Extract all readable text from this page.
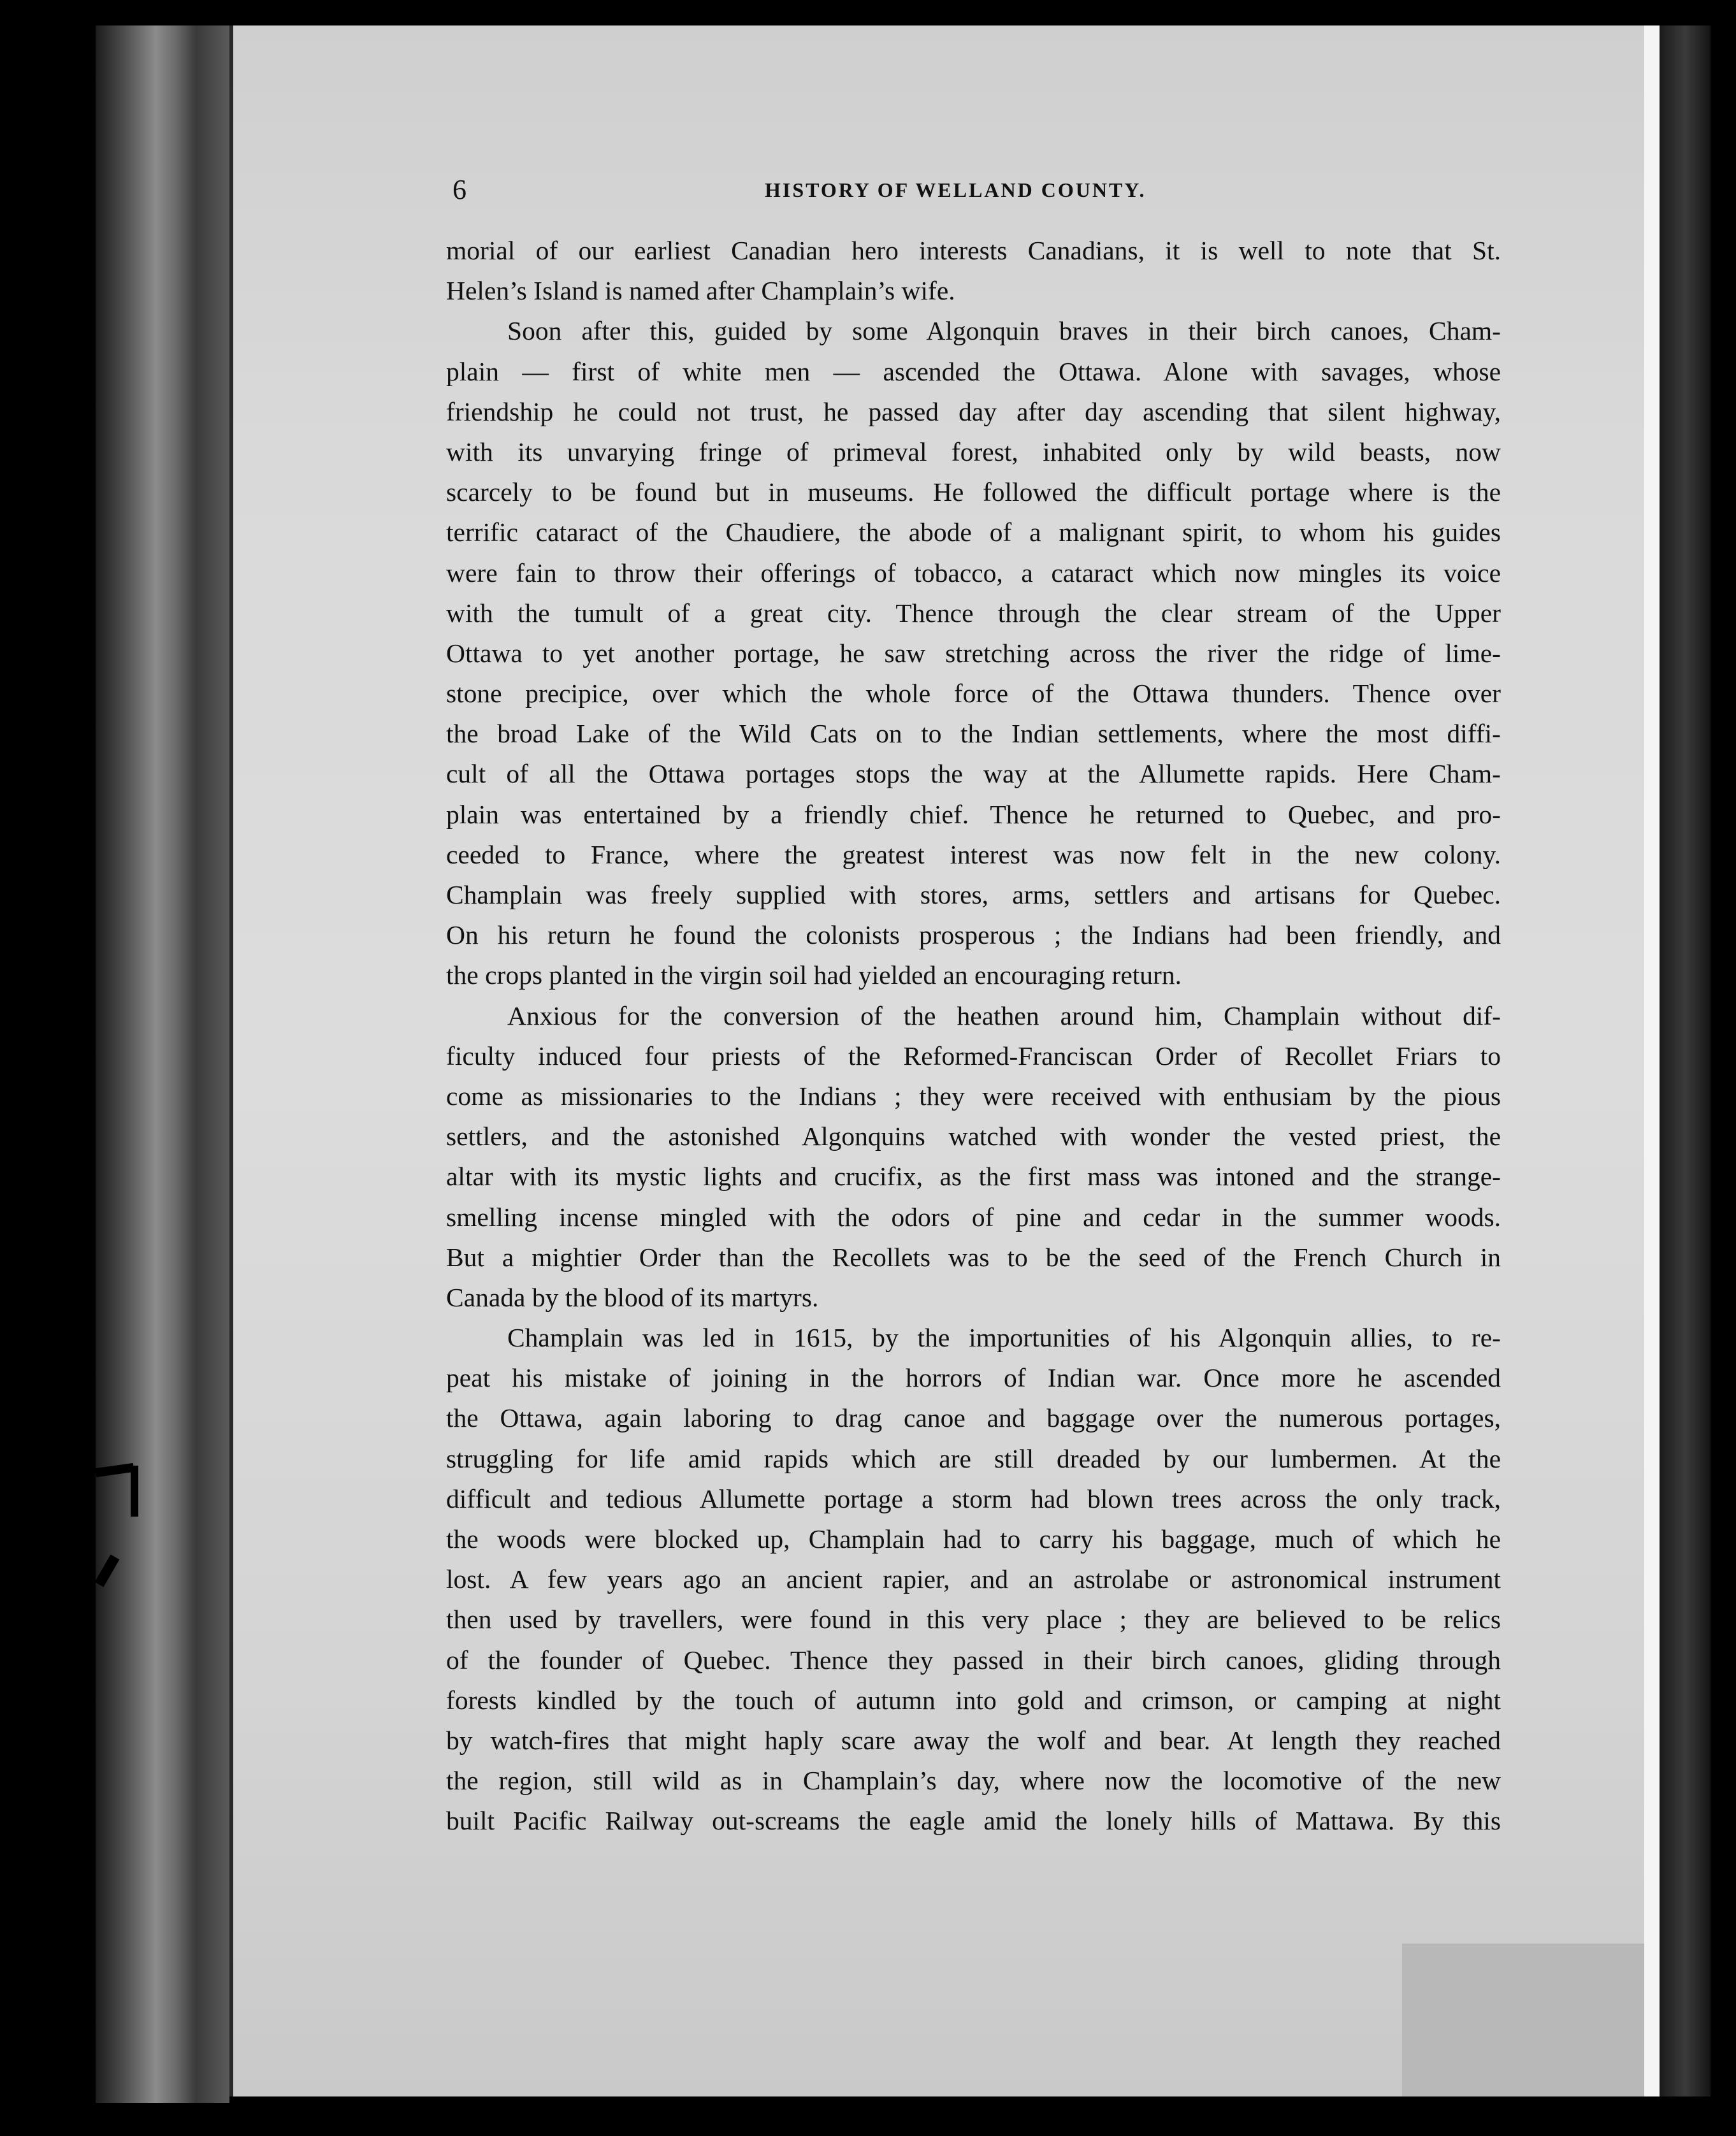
6	HISTORY OF WELLAND COUNTY.
morial of our earliest Canadian hero interests Canadians, it is well to note that St.
Helen’s Island is named after Champlain’s wife.
Soon after this, guided by some Algonquin braves in their birch canoes, Cham-
plain — first of white men — ascended the Ottawa. Alone with savages, whose
friendship he could not trust, he passed day after day ascending that silent highway,
with its unvarying fringe of primeval forest, inhabited only by wild beasts, now
scarcely to be found but in museums. He followed the difficult portage where is the
terrific cataract of the Chaudiere, the abode of a malignant spirit, to whom his guides
were fain to throw their offerings of tobacco, a cataract which now mingles its voice
with the tumult of a great city. Thence through the clear stream of the Upper
Ottawa to yet another portage, he saw stretching across the river the ridge of lime-
stone precipice, over which the whole force of the Ottawa thunders. Thence over
the broad Lake of the Wild Cats on to the Indian settlements, where the most diffi-
cult of all the Ottawa portages stops the way at the Allumette rapids. Here Cham-
plain was entertained by a friendly chief. Thence he returned to Quebec, and pro-
ceeded to France, where the greatest interest was now felt in the new colony.
Champlain was freely supplied with stores, arms, settlers and artisans for Quebec.
On his return he found the colonists prosperous ; the Indians had been friendly, and
the crops planted in the virgin soil had yielded an encouraging return.
Anxious for the conversion of the heathen around him, Champlain without dif-
ficulty induced four priests of the Reformed-Franciscan Order of Recollet Friars to
come as missionaries to the Indians ; they were received with enthusiam by the pious
settlers, and the astonished Algonquins watched with wonder the vested priest, the
altar with its mystic lights and crucifix, as the first mass was intoned and the strange-
smelling incense mingled with the odors of pine and cedar in the summer woods.
But a mightier Order than the Recollets was to be the seed of the French Church in
Canada by the blood of its martyrs.
Champlain was led in 1615, by the importunities of his Algonquin allies, to re-
peat his mistake of joining in the horrors of Indian war. Once more he ascended
the Ottawa, again laboring to drag canoe and baggage over the numerous portages,
struggling for life amid rapids which are still dreaded by our lumbermen. At the
difficult and tedious Allumette portage a storm had blown trees across the only track,
the woods were blocked up, Champlain had to carry his baggage, much of which he
lost. A few years ago an ancient rapier, and an astrolabe or astronomical instrument
then used by travellers, were found in this very place ; they are believed to be relics
of the founder of Quebec. Thence they passed in their birch canoes, gliding through
forests kindled by the touch of autumn into gold and crimson, or camping at night
by watch-fires that might haply scare away the wolf and bear. At length they reached
the region, still wild as in Champlain’s day, where now the locomotive of the new
built Pacific Railway out-screams the eagle amid the lonely hills of Mattawa. By this
